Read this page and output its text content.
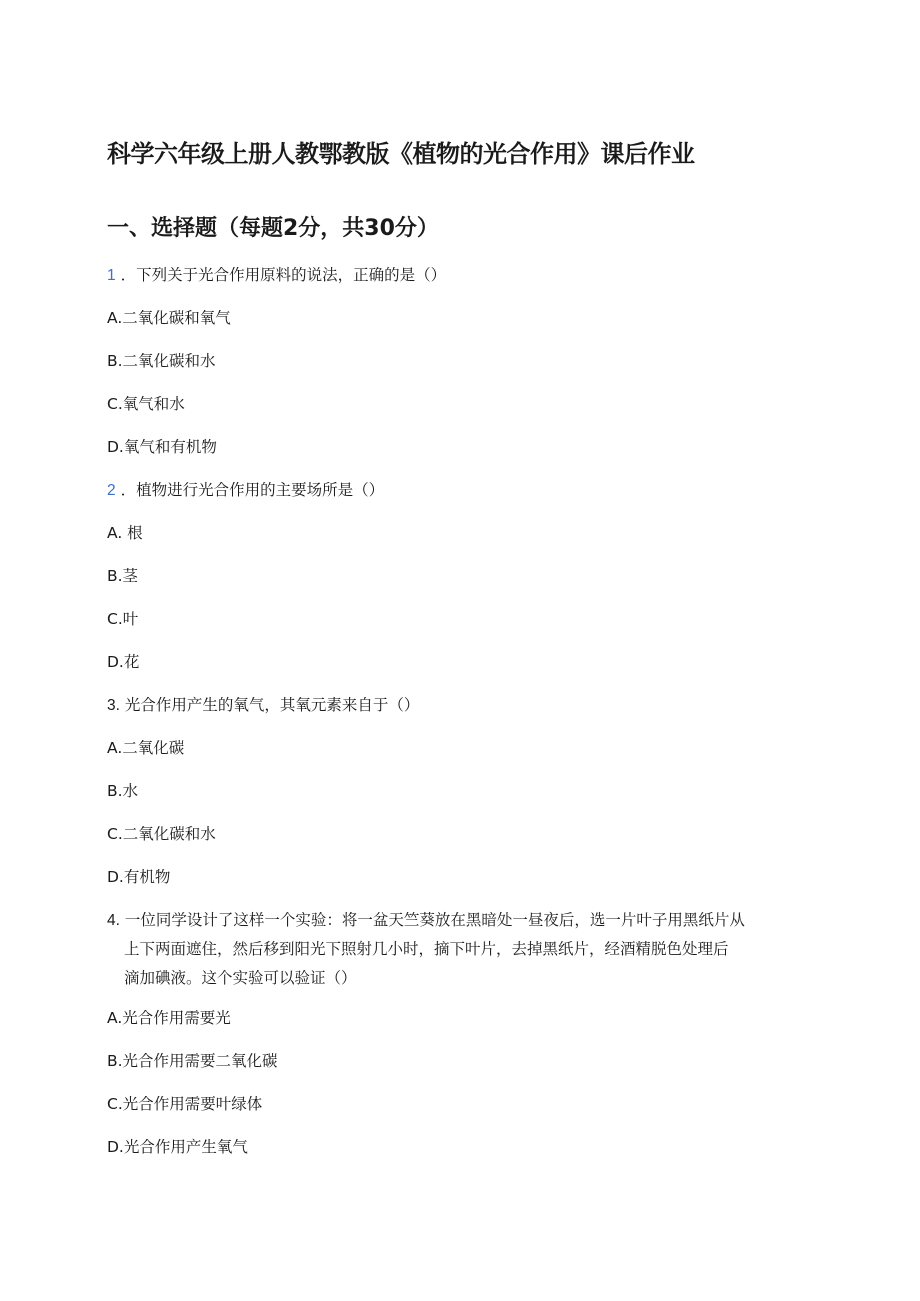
科学六年级上册人教鄂教版《植物的光合作用》课后作业
一、选择题（每题2分，共30分）
1 ．下列关于光合作用原料的说法，正确的是（）
A.二氧化碳和氧气
B.二氧化碳和水
C.氧气和水
D.氧气和有机物
2 ．植物进行光合作用的主要场所是（）
A. 根
B.茎
C.叶
D.花
3. 光合作用产生的氧气，其氧元素来自于（）
A.二氧化碳
B.水
C.二氧化碳和水
D.有机物
4. 一位同学设计了这样一个实验：将一盆天竺葵放在黑暗处一昼夜后，选一片叶子用黑纸片从
上下两面遮住，然后移到阳光下照射几小时，摘下叶片，去掉黑纸片，经酒精脱色处理后
滴加碘液。这个实验可以验证（）
A.光合作用需要光
B.光合作用需要二氧化碳
C.光合作用需要叶绿体
D.光合作用产生氧气
